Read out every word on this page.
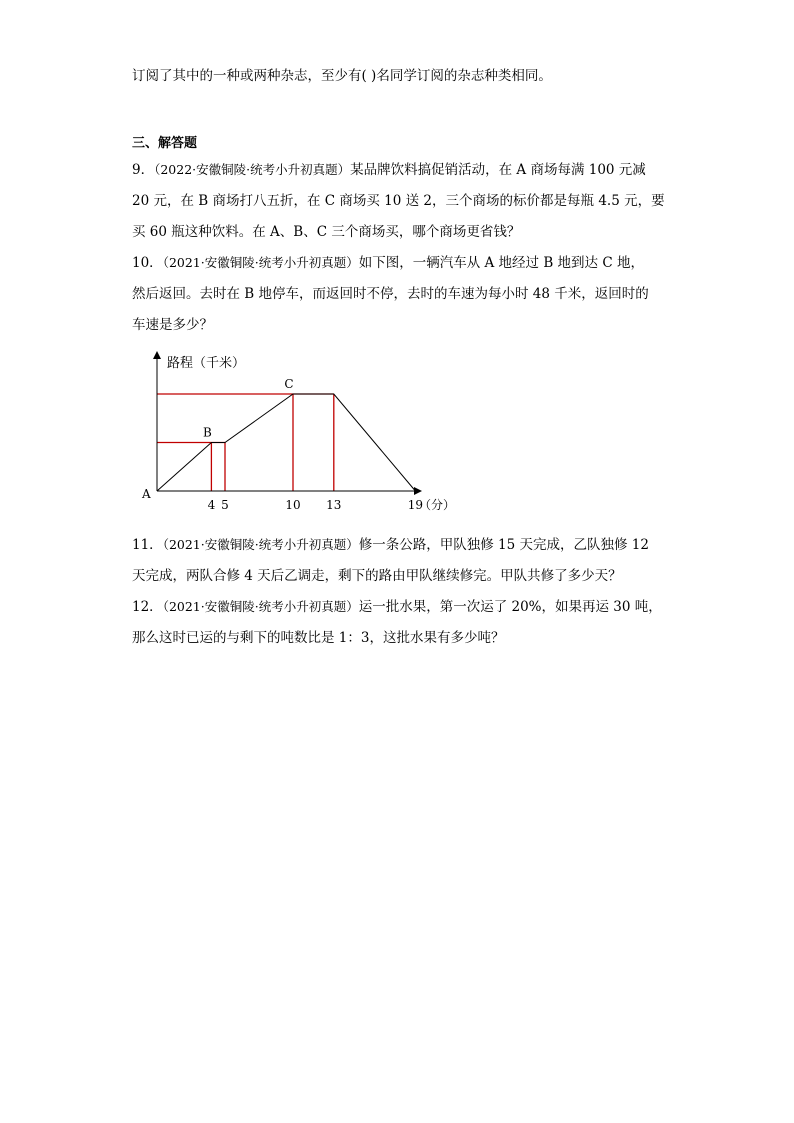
订阅了其中的一种或两种杂志，至少有( )名同学订阅的杂志种类相同。
三、解答题
9．（2022·安徽铜陵·统考小升初真题）某品牌饮料搞促销活动，在 A 商场每满 100 元减
20 元，在 B 商场打八五折，在 C 商场买 10 送 2，三个商场的标价都是每瓶 4.5 元，要
买 60 瓶这种饮料。在 A、B、C 三个商场买，哪个商场更省钱？
10．（2021·安徽铜陵·统考小升初真题）如下图，一辆汽车从 A 地经过 B 地到达 C 地，
然后返回。去时在 B 地停车，而返回时不停，去时的车速为每小时 48 千米，返回时的
车速是多少？
4 5	10 13	19
B
C
路程（千米）
（分）
A
11．（2021·安徽铜陵·统考小升初真题）修一条公路，甲队独修 15 天完成，乙队独修 12
天完成，两队合修 4 天后乙调走，剩下的路由甲队继续修完。甲队共修了多少天？
12．（2021·安徽铜陵·统考小升初真题）运一批水果，第一次运了 20%，如果再运 30 吨，
那么这时已运的与剩下的吨数比是 1：3，这批水果有多少吨？
